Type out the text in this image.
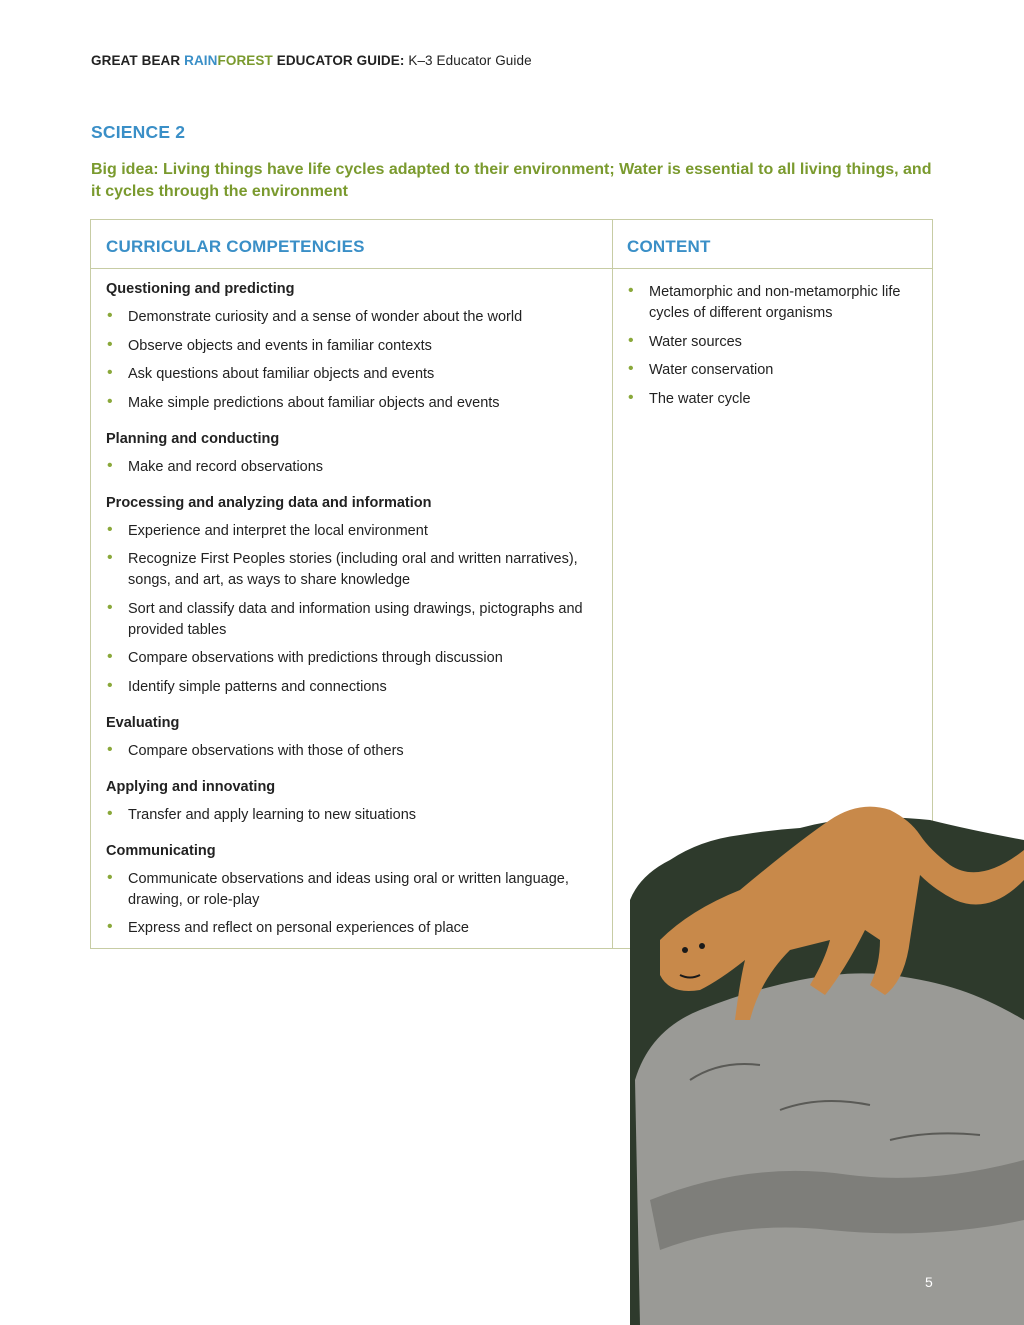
GREAT BEAR RAINFOREST EDUCATOR GUIDE: K–3 Educator Guide
SCIENCE 2
Big idea: Living things have life cycles adapted to their environment; Water is essential to all living things, and it cycles through the environment
CURRICULAR COMPETENCIES	CONTENT
Questioning and predicting
• Demonstrate curiosity and a sense of wonder about the world
• Observe objects and events in familiar contexts
• Ask questions about familiar objects and events
• Make simple predictions about familiar objects and events
Planning and conducting
• Make and record observations
Processing and analyzing data and information
• Experience and interpret the local environment
• Recognize First Peoples stories (including oral and written narratives), songs, and art, as ways to share knowledge
• Sort and classify data and information using drawings, pictographs and provided tables
• Compare observations with predictions through discussion
• Identify simple patterns and connections
Evaluating
• Compare observations with those of others
Applying and innovating
• Transfer and apply learning to new situations
Communicating
• Communicate observations and ideas using oral or written language, drawing, or role-play
• Express and reflect on personal experiences of place
• Metamorphic and non-metamorphic life cycles of different organisms
• Water sources
• Water conservation
• The water cycle
5
